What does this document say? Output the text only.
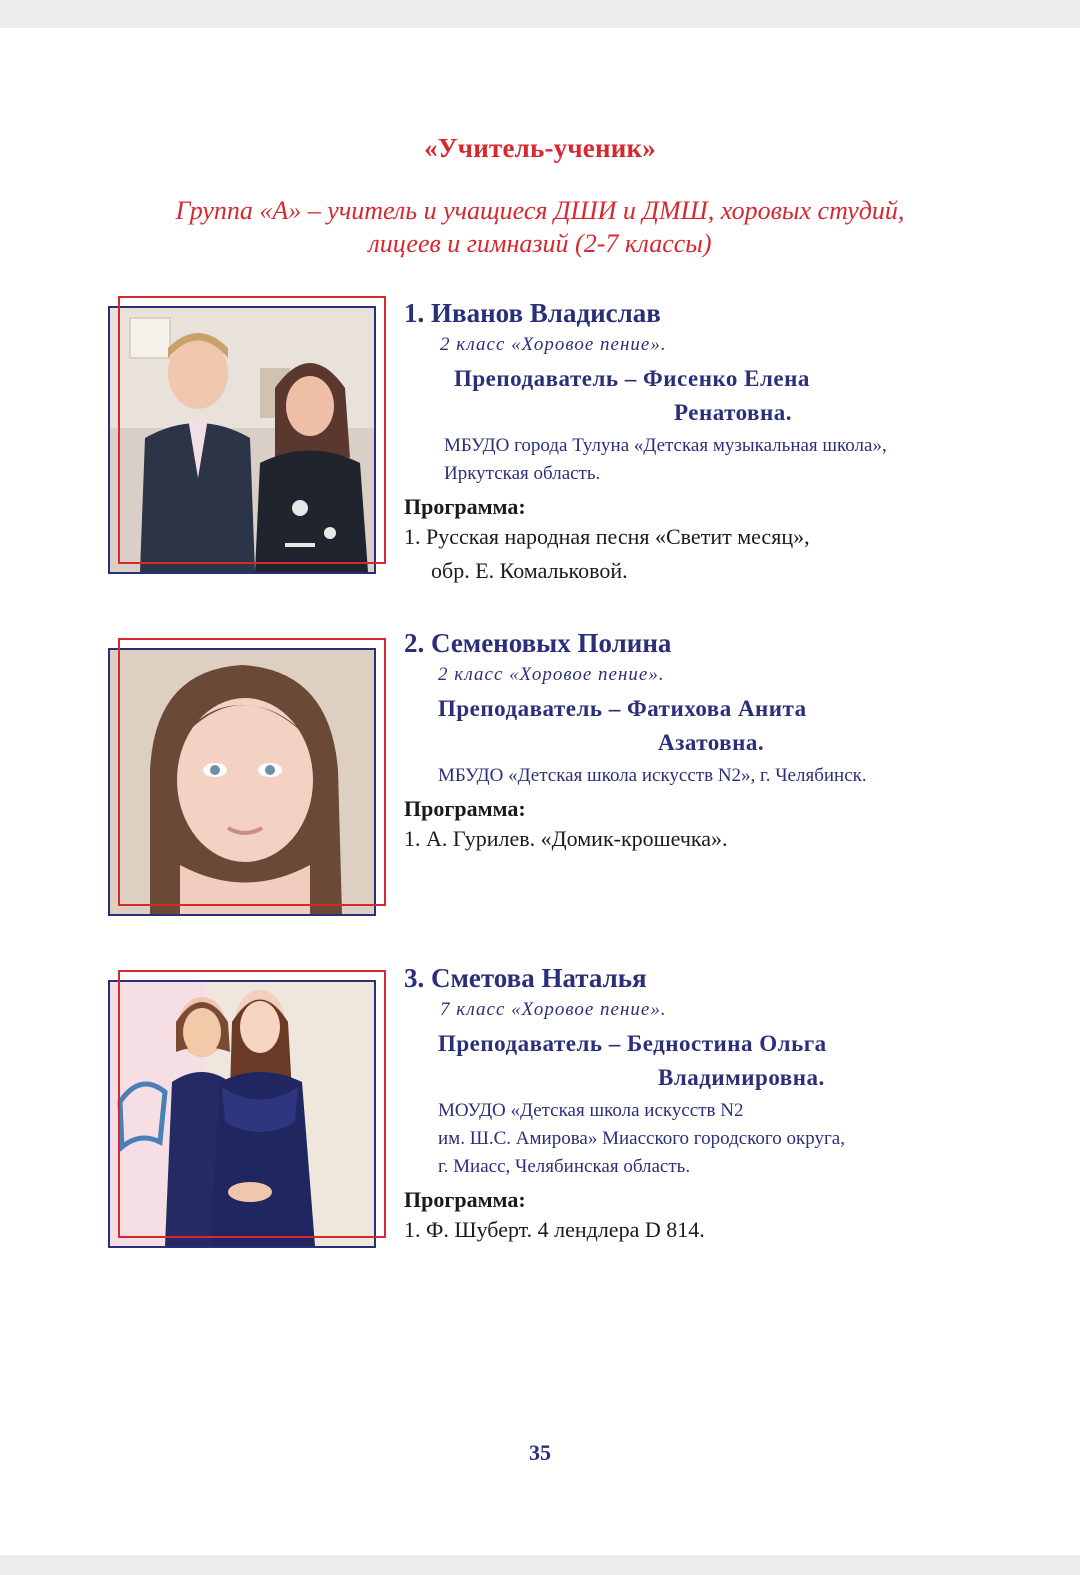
«Учитель-ученик»
Группа «А» – учитель и учащиеся ДШИ и ДМШ, хоровых студий,
лицеев и гимназий (2-7 классы)
1. Иванов Владислав
2 класс «Хоровое пение».
Преподаватель – Фисенко Елена
Ренатовна.
МБУДО города Тулуна «Детская музыкальная школа»,
Иркутская область.
Программа:
1. Русская народная песня «Светит месяц»,
обр. Е. Комальковой.
2. Семеновых Полина
2 класс «Хоровое пение».
Преподаватель – Фатихова Анита
Азатовна.
МБУДО «Детская школа искусств N2», г. Челябинск.
Программа:
1. А. Гурилев. «Домик-крошечка».
3. Сметова Наталья
7 класс «Хоровое пение».
Преподаватель – Беднoстина Ольга
Владимировна.
МОУДО «Детская школа искусств N2
им. Ш.С. Амирова» Миасского городского округа,
г. Миасс, Челябинская область.
Программа:
1. Ф. Шуберт. 4 лендлера D 814.
35
